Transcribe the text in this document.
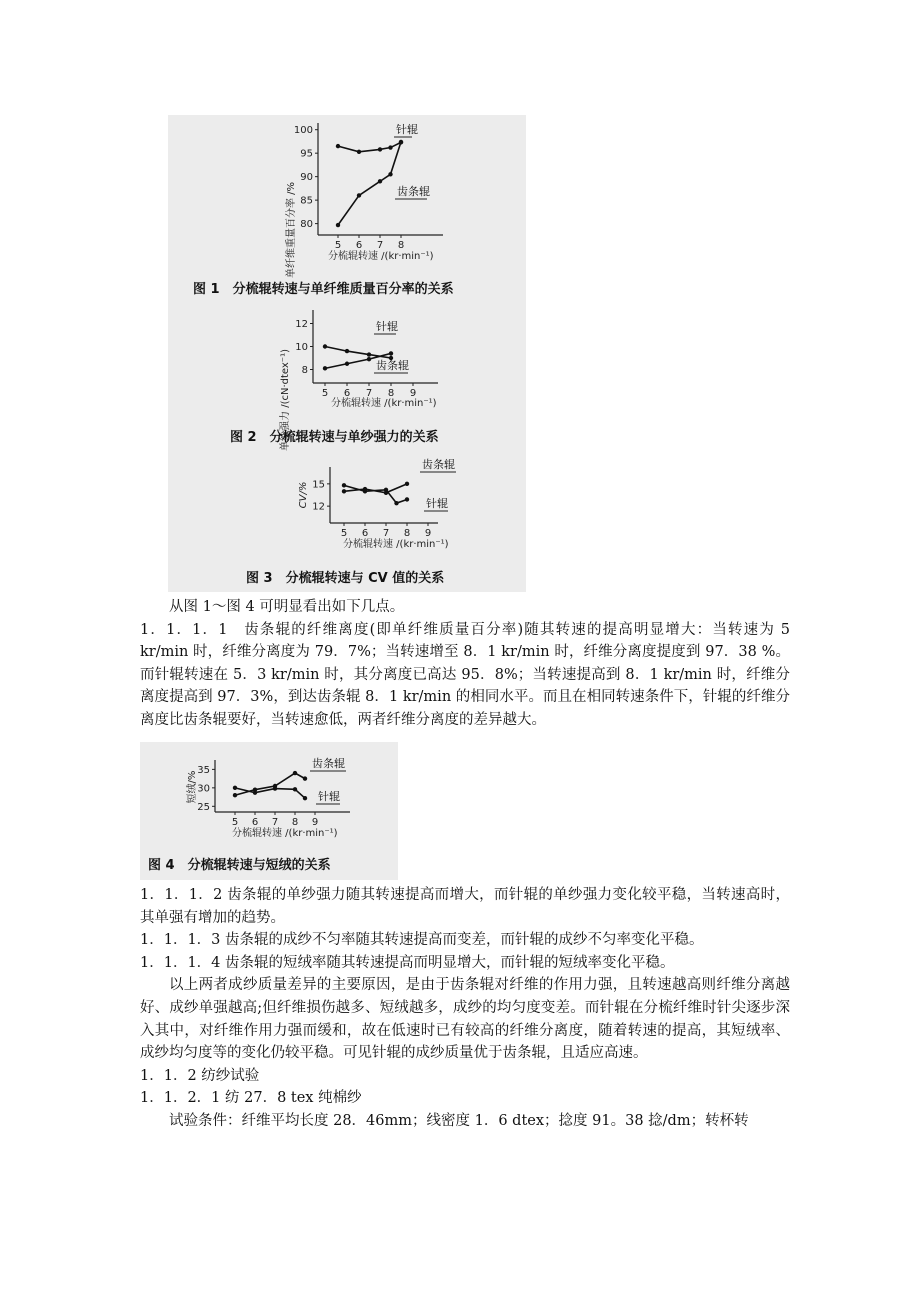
单纤维重量百分率 /% 80
85
90
95
100
5 6 7 8
针辊
齿条辊
分梳辊转速 /(kr·min⁻¹)
图 1　分梳辊转速与单纤维质量百分率的关系
单纱强力 /(cN·dtex⁻¹) 8
10
12
5 6 7 8 9
针辊
齿条辊
分梳辊转速 /(kr·min⁻¹)
图 2　分梳辊转速与单纱强力的关系
CV/% 12
15
5 6 7 8 9
齿条辊
针辊
分梳辊转速 /(kr·min⁻¹)
图 3　分梳辊转速与 CV 值的关系
短绒/%
25
30
35
5 6 7 8 9
齿条辊
针辊
分梳辊转速 /(kr·min⁻¹)
图 4　分梳辊转速与短绒的关系

从图 1～图 4 可明显看出如下几点。

1．1．1．1　齿条辊的纤维离度(即单纤维质量百分率)随其转速的提高明显增大：当转速为 5 kr/min 时，纤维分离度为 79．7%；当转速增至 8．1 kr/min 时，纤维分离度提度到 97．38 %。而针辊转速在 5．3 kr/min 时，其分离度已高达 95．8%；当转速提高到 8．1 kr/min 时，纤维分离度提高到 97．3%，到达齿条辊 8．1 kr/min 的相同水平。而且在相同转速条件下，针辊的纤维分离度比齿条辊要好，当转速愈低，两者纤维分离度的差异越大。

1．1．1．2 齿条辊的单纱强力随其转速提高而增大，而针辊的单纱强力变化较平稳，当转速高时，其单强有增加的趋势。

1．1．1．3 齿条辊的成纱不匀率随其转速提高而变差，而针辊的成纱不匀率变化平稳。

1．1．1．4 齿条辊的短绒率随其转速提高而明显增大，而针辊的短绒率变化平稳。

以上两者成纱质量差异的主要原因，是由于齿条辊对纤维的作用力强，且转速越高则纤维分离越好、成纱单强越高;但纤维损伤越多、短绒越多，成纱的均匀度变差。而针辊在分梳纤维时针尖逐步深入其中，对纤维作用力强而缓和，故在低速时已有较高的纤维分离度，随着转速的提高，其短绒率、成纱均匀度等的变化仍较平稳。可见针辊的成纱质量优于齿条辊，且适应高速。

1．1．2 纺纱试验

1．1．2．1 纺 27．8 tex 纯棉纱

试验条件：纤维平均长度 28．46mm；线密度 1．6 dtex；捻度 91。38 捻/dm；转杯转
